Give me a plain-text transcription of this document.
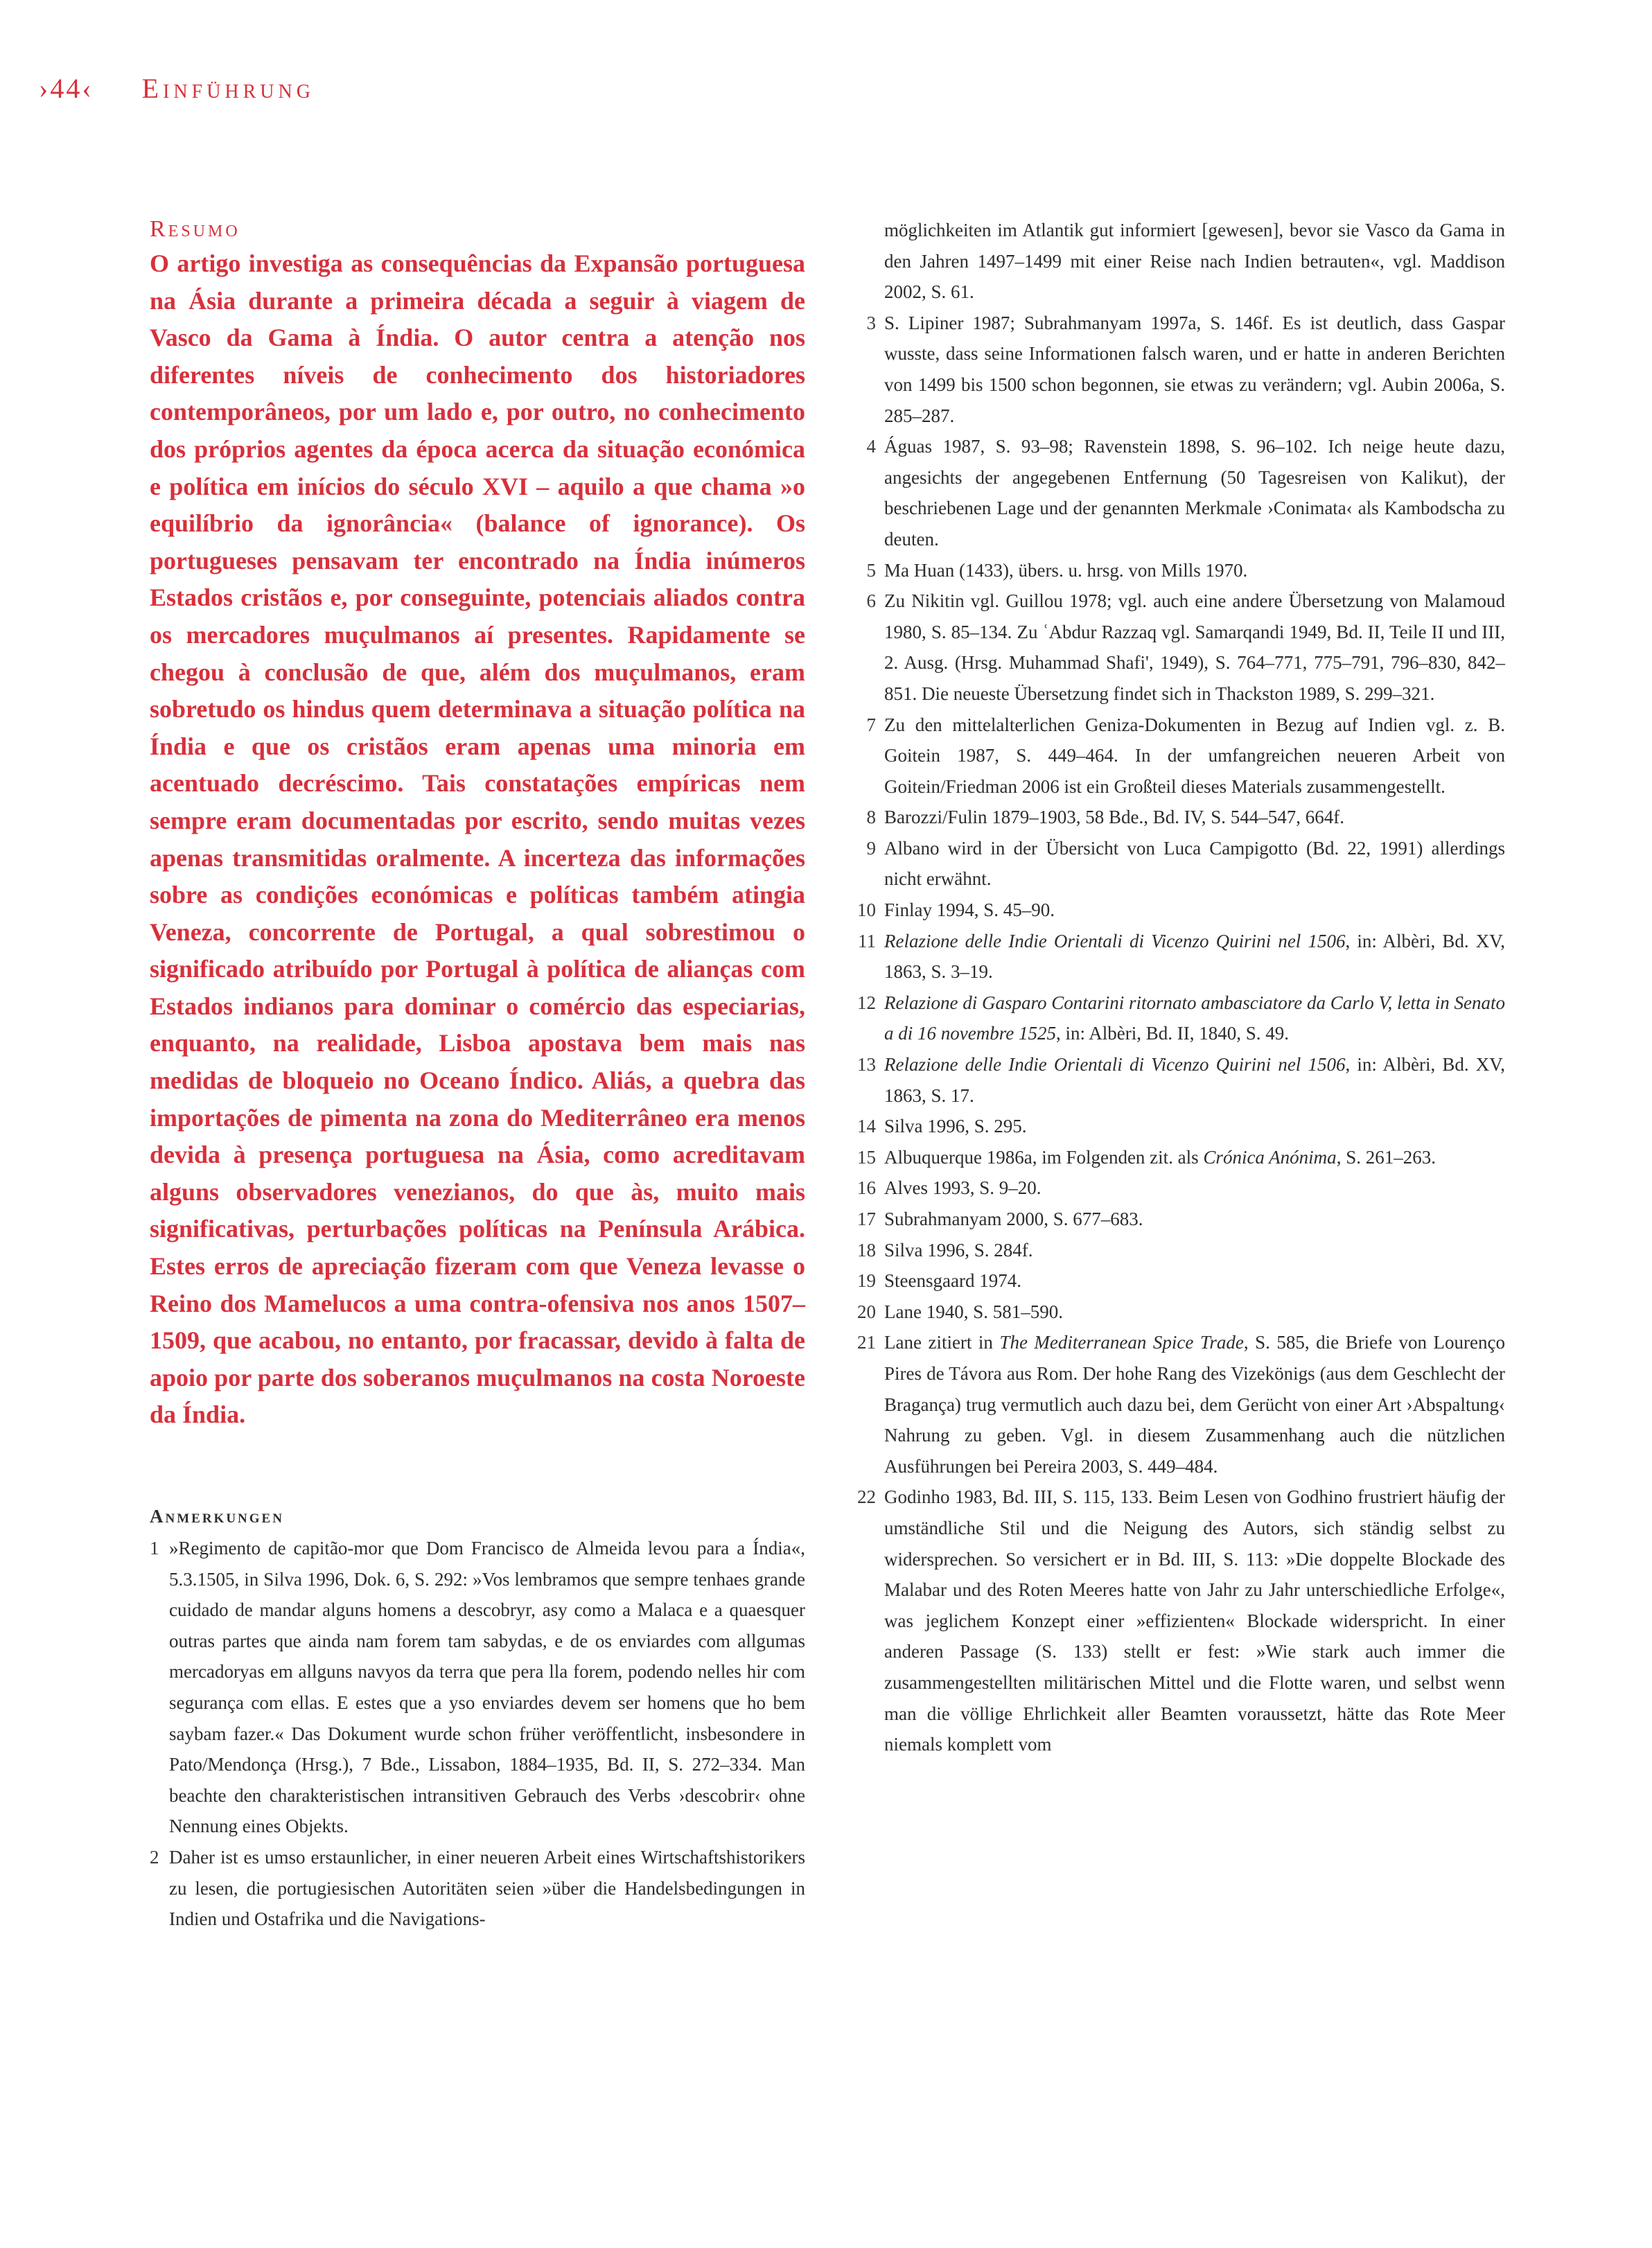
›44‹ Einführung
Resumo

O artigo investiga as consequências da Expansão portuguesa na Ásia durante a primeira década a seguir à viagem de Vasco da Gama à Índia. O autor centra a atenção nos diferentes níveis de conhecimento dos historiadores contemporâneos, por um lado e, por outro, no conhecimento dos próprios agentes da época acerca da situação económica e política em inícios do século XVI – aquilo a que chama »o equilíbrio da ignorância« (balance of ignorance). Os portugueses pensavam ter encontrado na Índia inúmeros Estados cristãos e, por conseguinte, potenciais aliados contra os mercadores muçulmanos aí presentes. Rapidamente se chegou à conclusão de que, além dos muçulmanos, eram sobretudo os hindus quem determinava a situação política na Índia e que os cristãos eram apenas uma minoria em acentuado decréscimo. Tais constatações empíricas nem sempre eram documentadas por escrito, sendo muitas vezes apenas transmitidas oralmente. A incerteza das informações sobre as condições económicas e políticas também atingia Veneza, concorrente de Portugal, a qual sobrestimou o significado atribuído por Portugal à política de alianças com Estados indianos para dominar o comércio das especiarias, enquanto, na realidade, Lisboa apostava bem mais nas medidas de bloqueio no Oceano Índico. Aliás, a quebra das importações de pimenta na zona do Mediterrâneo era menos devida à presença portuguesa na Ásia, como acreditavam alguns observadores venezianos, do que às, muito mais significativas, perturbações políticas na Península Arábica. Estes erros de apreciação fizeram com que Veneza levasse o Reino dos Mamelucos a uma contra-ofensiva nos anos 1507–1509, que acabou, no entanto, por fracassar, devido à falta de apoio por parte dos soberanos muçulmanos na costa Noroeste da Índia.

Anmerkungen
1 »Regimento de capitão-mor que Dom Francisco de Almeida levou para a Índia«, 5.3.1505, in Silva 1996, Dok. 6, S. 292: »Vos lembramos que sempre tenhaes grande cuidado de mandar alguns homens a descobryr, asy como a Malaca e a quaesquer outras partes que ainda nam forem tam sabydas, e de os enviardes com allgumas mercadoryas em allguns navyos da terra que pera lla forem, podendo nelles hir com segurança com ellas. E estes que a yso enviardes devem ser homens que ho bem saybam fazer.« Das Dokument wurde schon früher veröffentlicht, insbesondere in Pato/Mendonça (Hrsg.), 7 Bde., Lissabon, 1884–1935, Bd. II, S. 272–334. Man beachte den charakteristischen intransitiven Gebrauch des Verbs ›descobrir‹ ohne Nennung eines Objekts.
2 Daher ist es umso erstaunlicher, in einer neueren Arbeit eines Wirtschaftshistorikers zu lesen, die portugiesischen Autoritäten seien »über die Handelsbedingungen in Indien und Ostafrika und die Navigations-
möglichkeiten im Atlantik gut informiert [gewesen], bevor sie Vasco da Gama in den Jahren 1497–1499 mit einer Reise nach Indien betrauten«, vgl. Maddison 2002, S. 61.
3 S. Lipiner 1987; Subrahmanyam 1997a, S. 146f. Es ist deutlich, dass Gaspar wusste, dass seine Informationen falsch waren, und er hatte in anderen Berichten von 1499 bis 1500 schon begonnen, sie etwas zu verändern; vgl. Aubin 2006a, S. 285–287.
4 Águas 1987, S. 93–98; Ravenstein 1898, S. 96–102. Ich neige heute dazu, angesichts der angegebenen Entfernung (50 Tagesreisen von Kalikut), der beschriebenen Lage und der genannten Merkmale ›Conimata‹ als Kambodscha zu deuten.
5 Ma Huan (1433), übers. u. hrsg. von Mills 1970.
6 Zu Nikitin vgl. Guillou 1978; vgl. auch eine andere Übersetzung von Malamoud 1980, S. 85–134. Zu ʿAbdur Razzaq vgl. Samarqandi 1949, Bd. II, Teile II und III, 2. Ausg. (Hrsg. Muhammad Shafi', 1949), S. 764–771, 775–791, 796–830, 842–851. Die neueste Übersetzung findet sich in Thackston 1989, S. 299–321.
7 Zu den mittelalterlichen Geniza-Dokumenten in Bezug auf Indien vgl. z. B. Goitein 1987, S. 449–464. In der umfangreichen neueren Arbeit von Goitein/Friedman 2006 ist ein Großteil dieses Materials zusammengestellt.
8 Barozzi/Fulin 1879–1903, 58 Bde., Bd. IV, S. 544–547, 664f.
9 Albano wird in der Übersicht von Luca Campigotto (Bd. 22, 1991) allerdings nicht erwähnt.
10 Finlay 1994, S. 45–90.
11 Relazione delle Indie Orientali di Vicenzo Quirini nel 1506, in: Albèri, Bd. XV, 1863, S. 3–19.
12 Relazione di Gasparo Contarini ritornato ambasciatore da Carlo V, letta in Senato a di 16 novembre 1525, in: Albèri, Bd. II, 1840, S. 49.
13 Relazione delle Indie Orientali di Vicenzo Quirini nel 1506, in: Albèri, Bd. XV, 1863, S. 17.
14 Silva 1996, S. 295.
15 Albuquerque 1986a, im Folgenden zit. als Crónica Anónima, S. 261–263.
16 Alves 1993, S. 9–20.
17 Subrahmanyam 2000, S. 677–683.
18 Silva 1996, S. 284f.
19 Steensgaard 1974.
20 Lane 1940, S. 581–590.
21 Lane zitiert in The Mediterranean Spice Trade, S. 585, die Briefe von Lourenço Pires de Távora aus Rom. Der hohe Rang des Vizekönigs (aus dem Geschlecht der Bragança) trug vermutlich auch dazu bei, dem Gerücht von einer Art ›Abspaltung‹ Nahrung zu geben. Vgl. in diesem Zusammenhang auch die nützlichen Ausführungen bei Pereira 2003, S. 449–484.
22 Godinho 1983, Bd. III, S. 115, 133. Beim Lesen von Godhino frustriert häufig der umständliche Stil und die Neigung des Autors, sich ständig selbst zu widersprechen. So versichert er in Bd. III, S. 113: »Die doppelte Blockade des Malabar und des Roten Meeres hatte von Jahr zu Jahr unterschiedliche Erfolge«, was jeglichem Konzept einer »effizienten« Blockade widerspricht. In einer anderen Passage (S. 133) stellt er fest: »Wie stark auch immer die zusammengestellten militärischen Mittel und die Flotte waren, und selbst wenn man die völlige Ehrlichkeit aller Beamten voraussetzt, hätte das Rote Meer niemals komplett vom
